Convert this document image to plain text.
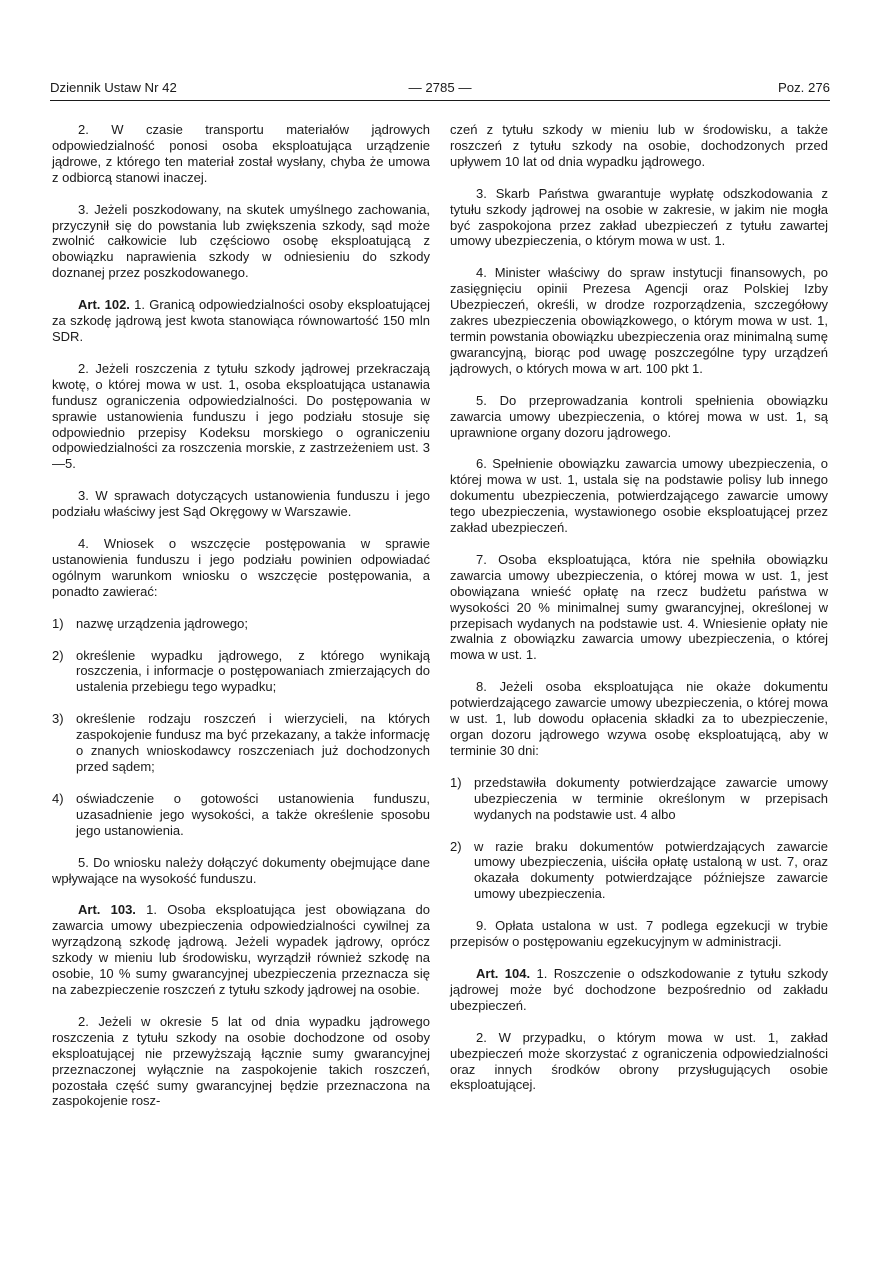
Dziennik Ustaw Nr 42	— 2785 —	Poz. 276

2. W czasie transportu materiałów jądrowych odpowiedzialność ponosi osoba eksploatująca urządzenie jądrowe, z którego ten materiał został wysłany, chyba że umowa z odbiorcą stanowi inaczej.

3. Jeżeli poszkodowany, na skutek umyślnego zachowania, przyczynił się do powstania lub zwiększenia szkody, sąd może zwolnić całkowicie lub częściowo osobę eksploatującą z obowiązku naprawienia szkody w odniesieniu do szkody doznanej przez poszkodowanego.

Art. 102. 1. Granicą odpowiedzialności osoby eksploatującej za szkodę jądrową jest kwota stanowiąca równowartość 150 mln SDR.

2. Jeżeli roszczenia z tytułu szkody jądrowej przekraczają kwotę, o której mowa w ust. 1, osoba eksploatująca ustanawia fundusz ograniczenia odpowiedzialności. Do postępowania w sprawie ustanowienia funduszu i jego podziału stosuje się odpowiednio przepisy Kodeksu morskiego o ograniczeniu odpowiedzialności za roszczenia morskie, z zastrzeżeniem ust. 3—5.

3. W sprawach dotyczących ustanowienia funduszu i jego podziału właściwy jest Sąd Okręgowy w Warszawie.

4. Wniosek o wszczęcie postępowania w sprawie ustanowienia funduszu i jego podziału powinien odpowiadać ogólnym warunkom wniosku o wszczęcie postępowania, a ponadto zawierać:

1) nazwę urządzenia jądrowego;
2) określenie wypadku jądrowego, z którego wynikają roszczenia, i informacje o postępowaniach zmierzających do ustalenia przebiegu tego wypadku;
3) określenie rodzaju roszczeń i wierzycieli, na których zaspokojenie fundusz ma być przekazany, a także informację o znanych wnioskodawcy roszczeniach już dochodzonych przed sądem;
4) oświadczenie o gotowości ustanowienia funduszu, uzasadnienie jego wysokości, a także określenie sposobu jego ustanowienia.

5. Do wniosku należy dołączyć dokumenty obejmujące dane wpływające na wysokość funduszu.

Art. 103. 1. Osoba eksploatująca jest obowiązana do zawarcia umowy ubezpieczenia odpowiedzialności cywilnej za wyrządzoną szkodę jądrową. Jeżeli wypadek jądrowy, oprócz szkody w mieniu lub środowisku, wyrządził również szkodę na osobie, 10 % sumy gwarancyjnej ubezpieczenia przeznacza się na zabezpieczenie roszczeń z tytułu szkody jądrowej na osobie.

2. Jeżeli w okresie 5 lat od dnia wypadku jądrowego roszczenia z tytułu szkody na osobie dochodzone od osoby eksploatującej nie przewyższają łącznie sumy gwarancyjnej przeznaczonej wyłącznie na zaspokojenie takich roszczeń, pozostała część sumy gwarancyjnej będzie przeznaczona na zaspokojenie rosz-

czeń z tytułu szkody w mieniu lub w środowisku, a także roszczeń z tytułu szkody na osobie, dochodzonych przed upływem 10 lat od dnia wypadku jądrowego.

3. Skarb Państwa gwarantuje wypłatę odszkodowania z tytułu szkody jądrowej na osobie w zakresie, w jakim nie mogła być zaspokojona przez zakład ubezpieczeń z tytułu zawartej umowy ubezpieczenia, o którym mowa w ust. 1.

4. Minister właściwy do spraw instytucji finansowych, po zasięgnięciu opinii Prezesa Agencji oraz Polskiej Izby Ubezpieczeń, określi, w drodze rozporządzenia, szczegółowy zakres ubezpieczenia obowiązkowego, o którym mowa w ust. 1, termin powstania obowiązku ubezpieczenia oraz minimalną sumę gwarancyjną, biorąc pod uwagę poszczególne typy urządzeń jądrowych, o których mowa w art. 100 pkt 1.

5. Do przeprowadzania kontroli spełnienia obowiązku zawarcia umowy ubezpieczenia, o której mowa w ust. 1, są uprawnione organy dozoru jądrowego.

6. Spełnienie obowiązku zawarcia umowy ubezpieczenia, o której mowa w ust. 1, ustala się na podstawie polisy lub innego dokumentu ubezpieczenia, potwierdzającego zawarcie umowy tego ubezpieczenia, wystawionego osobie eksploatującej przez zakład ubezpieczeń.

7. Osoba eksploatująca, która nie spełniła obowiązku zawarcia umowy ubezpieczenia, o której mowa w ust. 1, jest obowiązana wnieść opłatę na rzecz budżetu państwa w wysokości 20 % minimalnej sumy gwarancyjnej, określonej w przepisach wydanych na podstawie ust. 4. Wniesienie opłaty nie zwalnia z obowiązku zawarcia umowy ubezpieczenia, o której mowa w ust. 1.

8. Jeżeli osoba eksploatująca nie okaże dokumentu potwierdzającego zawarcie umowy ubezpieczenia, o której mowa w ust. 1, lub dowodu opłacenia składki za to ubezpieczenie, organ dozoru jądrowego wzywa osobę eksploatującą, aby w terminie 30 dni:

1) przedstawiła dokumenty potwierdzające zawarcie umowy ubezpieczenia w terminie określonym w przepisach wydanych na podstawie ust. 4 albo
2) w razie braku dokumentów potwierdzających zawarcie umowy ubezpieczenia, uiściła opłatę ustaloną w ust. 7, oraz okazała dokumenty potwierdzające późniejsze zawarcie umowy ubezpieczenia.

9. Opłata ustalona w ust. 7 podlega egzekucji w trybie przepisów o postępowaniu egzekucyjnym w administracji.

Art. 104. 1. Roszczenie o odszkodowanie z tytułu szkody jądrowej może być dochodzone bezpośrednio od zakładu ubezpieczeń.

2. W przypadku, o którym mowa w ust. 1, zakład ubezpieczeń może skorzystać z ograniczenia odpowiedzialności oraz innych środków obrony przysługujących osobie eksploatującej.
